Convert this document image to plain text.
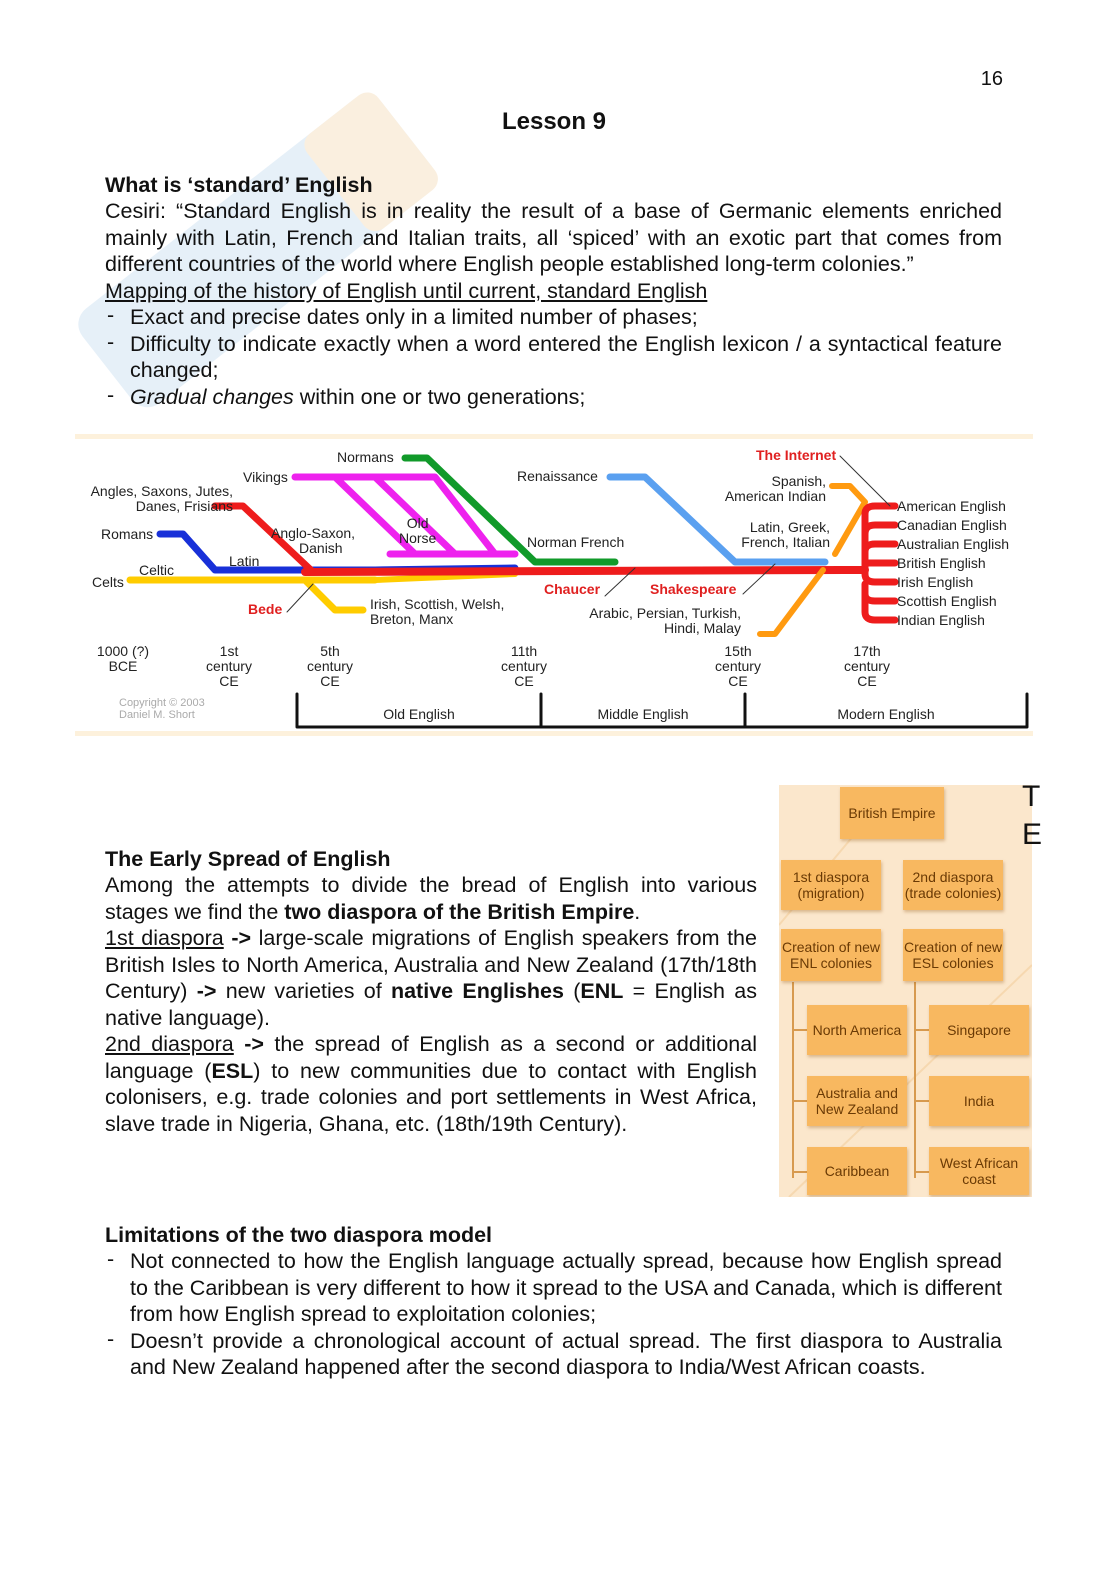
16
Lesson 9
What is ‘standard’ English

Cesiri: “Standard English is in reality the result of a base of Germanic elements enriched mainly with Latin, French and Italian traits, all ‘spiced’ with an exotic part that comes from different countries of the world where English people established long-term colonies.”

Mapping of the history of English until current, standard English

- Exact and precise dates only in a limited number of phases;
- Difficulty to indicate exactly when a word entered the English lexicon / a syntactical feature changed;
- Gradual changes within one or two generations;
Angles, Saxons, Jutes,
Danes, Frisians
Vikings
Normans
Romans
Celtic
Celts
Latin
Anglo-Saxon,
Danish
Old
Norse
Bede	Irish, Scottish, Welsh,
Breton, Manx
Renaissance
Norman French
Chaucer	Shakespeare
Arabic, Persian, Turkish,
Hindi, Malay
The Internet
Spanish,
American Indian
Latin, Greek,
French, Italian
American English
Canadian English
Australian English
British English
Irish English
Scottish English
Indian English
1000 (?)
BCE
1st
century
CE
5th
century
CE
11th
century
CE
15th
century
CE
17th
century
CE
Copyright © 2003
Daniel M. Short	Old English	Middle English	Modern English
The Early Spread of English

Among the attempts to divide the bread of English into various stages we find the two diaspora of the British Empire.

1st diaspora -> large-scale migrations of English speakers from the British Isles to North America, Australia and New Zealand (17th/18th Century) -> new varieties of native Englishes (ENL = English as native language).

2nd diaspora -> the spread of English as a second or additional language (ESL) to new communities due to contact with English colonisers, e.g. trade colonies and port settlements in West Africa, slave trade in Nigeria, Ghana, etc. (18th/19th Century).

British Empire
1st diaspora (migration)
2nd diaspora (trade colonies)
Creation of new ENL colonies
Creation of new ESL colonies
North America
Australia and New Zealand
Caribbean
Singapore
India
West African coast
T
E
Limitations of the two diaspora model
- Not connected to how the English language actually spread, because how English spread to the Caribbean is very different to how it spread to the USA and Canada, which is different from how English spread to exploitation colonies;
- Doesn’t provide a chronological account of actual spread. The first diaspora to Australia and New Zealand happened after the second diaspora to India/West African coasts.
